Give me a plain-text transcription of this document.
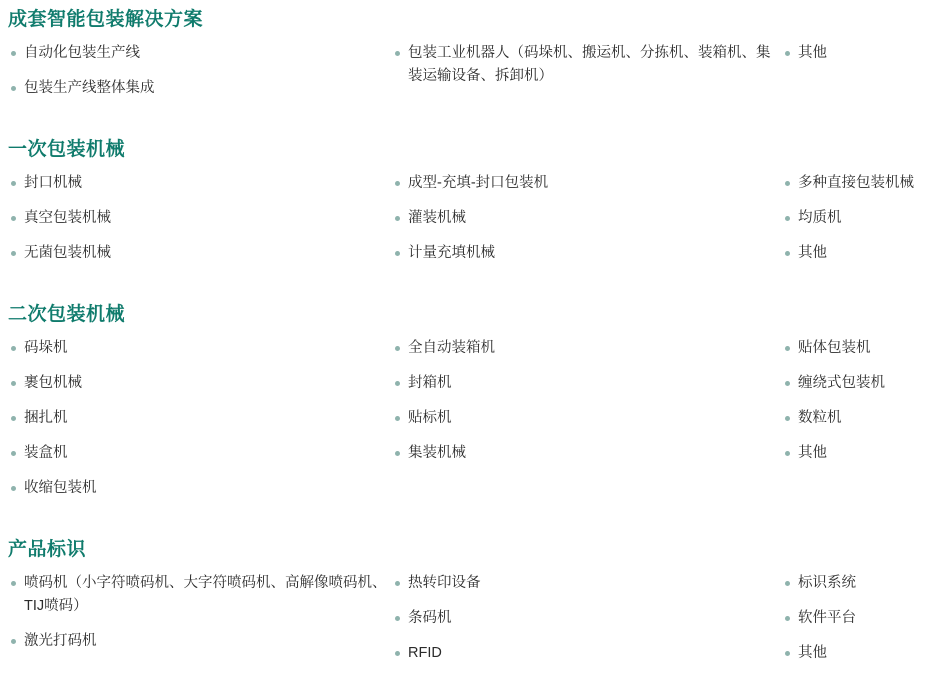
成套智能包装解决方案
自动化包装生产线
包装生产线整体集成
包装工业机器人（码垛机、搬运机、分拣机、装箱机、集装运输设备、拆卸机）
其他
一次包装机械
封口机械
真空包装机械
无菌包装机械
成型-充填-封口包装机
灌装机械
计量充填机械
多种直接包装机械
均质机
其他
二次包装机械
码垛机
裹包机械
捆扎机
装盒机
收缩包装机
全自动装箱机
封箱机
贴标机
集装机械
贴体包装机
缠绕式包装机
数粒机
其他
产品标识
喷码机（小字符喷码机、大字符喷码机、高解像喷码机、TIJ喷码）
激光打码机
热转印设备
条码机
RFID
标识系统
软件平台
其他
